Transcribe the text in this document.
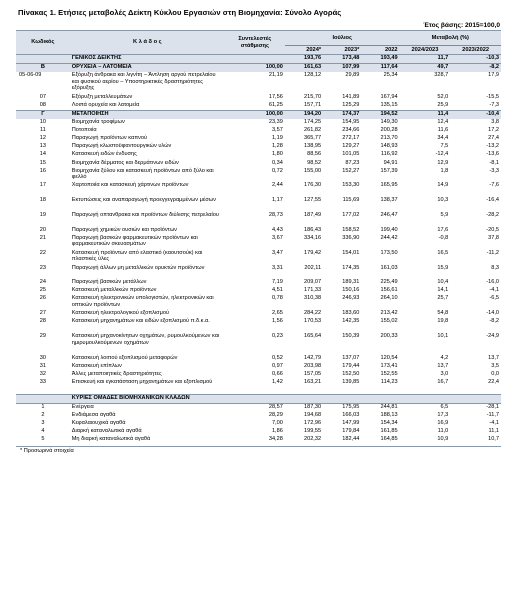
Πίνακας 1. Ετήσιες μεταβολές Δείκτη Κύκλου Εργασιών στη Βιομηχανία: Σύνολο Αγοράς
Έτος βάσης: 2015=100,0
Κωδικός	Κ λ ά δ ο ς	Συντελεστές στάθμισης	Ιούλιος			Μεταβολή (%)	
			2024*	2023*	2022	2024/2023	2023/2022
	ΓΕΝΙΚΟΣ ΔΕΙΚΤΗΣ		193,76	173,48	193,49	11,7	-10,3
Β	ΟΡΥΧΕΙΑ – ΛΑΤΟΜΕΙΑ	100,00	161,63	107,99	117,64	49,7	-8,2
05-06-09	Εξόρυξη άνθρακα και λιγνίτη – Άντληση αργού πετρελαίου και φυσικού αερίου – Υποστηρικτικές δραστηριότητες εξόρυξης	21,19	128,12	29,89	25,34	328,7	17,9
07	Εξόρυξη μεταλλευμάτων	17,56	215,70	141,89	167,94	52,0	-15,5
08	Λοιπά ορυχεία και λατομεία	61,25	157,71	125,29	135,15	25,9	-7,3
Γ	ΜΕΤΑΠΟΙΗΣΗ	100,00	194,20	174,37	194,52	11,4	-10,4
10	Βιομηχανία τροφίμων	23,39	174,25	154,95	149,30	12,4	3,8
11	Ποτοποιία	3,57	261,82	234,66	200,28	11,6	17,2
12	Παραγωγή προϊόντων καπνού	1,19	365,77	272,17	213,70	34,4	27,4
13	Παραγωγή κλωστοϋφαντουργικών υλών	1,28	138,95	129,27	148,93	7,5	-13,2
14	Κατασκευή ειδών ένδυσης	1,80	88,56	101,05	116,92	-12,4	-13,6
15	Βιομηχανία δέρματος και δερμάτινων ειδών	0,34	98,52	87,23	94,91	12,9	-8,1
16	Βιομηχανία ξύλου και κατασκευή προϊόντων από ξύλο και φελλό	0,72	155,00	152,27	157,39	1,8	-3,3
17	Χαρτοποιία και κατασκευή χάρτινων προϊόντων	2,44	176,30	153,30	165,95	14,9	-7,6
18	Εκτυπώσεις και αναπαραγωγή προεγγεγραμμένων μέσων	1,17	127,55	115,69	138,37	10,3	-16,4
19	Παραγωγή οπτανθρακα και προϊόντων διύλισης πετρελαίου	28,73	187,49	177,02	246,47	5,9	-28,2
20	Παραγωγή χημικών ουσιών και προϊόντων	4,43	186,43	158,52	199,40	17,6	-20,5
21	Παραγωγή βασικών φαρμακευτικών προϊόντων και φαρμακευτικών σκευασμάτων	3,67	334,16	336,90	244,42	-0,8	37,8
22	Κατασκευή προϊόντων από ελαστικό (καουτσούκ) και πλαστικές ύλες	3,47	179,42	154,01	173,50	16,5	-11,2
23	Παραγωγή άλλων μη μεταλλικών ορυκτών προϊόντων	3,31	202,11	174,35	161,03	15,9	8,3
24	Παραγωγή βασικών μετάλλων	7,19	209,07	189,31	225,49	10,4	-16,0
25	Κατασκευή μεταλλικών προϊόντων	4,51	171,33	150,16	156,61	14,1	-4,1
26	Κατασκευή ηλεκτρονικών υπολογιστών, ηλεκτρονικών και οπτικών προϊόντων	0,78	310,38	246,93	264,10	25,7	-6,5
27	Κατασκευή ηλεκτρολογικού εξοπλισμού	2,65	284,22	183,60	213,42	54,8	-14,0
28	Κατασκευή μηχανημάτων και ειδών εξοπλισμού π.δ.κ.α.	1,56	170,53	142,35	155,02	19,8	-8,2
29	Κατασκευή μηχανοκίνητων οχημάτων, ρυμουλκούμενων και ημιρυμουλκούμενων οχημάτων	0,23	165,64	150,39	200,33	10,1	-24,9
30	Κατασκευή λοιπού εξοπλισμού μεταφορών	0,52	142,79	137,07	120,54	4,2	13,7
31	Κατασκευή επίπλων	0,97	203,98	179,44	173,41	13,7	3,5
32	Άλλες μεταποιητικές δραστηριότητες	0,66	157,05	152,50	152,55	3,0	0,0
33	Επισκευή και εγκατάσταση μηχανημάτων και εξοπλισμού	1,42	163,21	139,85	114,23	16,7	22,4
	ΚΥΡΙΕΣ ΟΜΑΔΕΣ ΒΙΟΜΗΧΑΝΙΚΩΝ ΚΛΑΔΩΝ						
1	Ενέργεια	28,57	187,30	175,95	244,81	6,5	-28,1
2	Ενδιάμεσα αγαθά	28,29	194,68	166,03	188,13	17,3	-11,7
3	Κεφαλαιουχικά αγαθά	7,00	172,96	147,99	154,34	16,9	-4,1
4	Διαρκή καταναλωτικά αγαθά	1,86	199,55	179,84	161,85	11,0	11,1
5	Μη διαρκή καταναλωτικά αγαθά	34,28	202,32	182,44	164,85	10,9	10,7
* Προσωρινά στοιχεία
